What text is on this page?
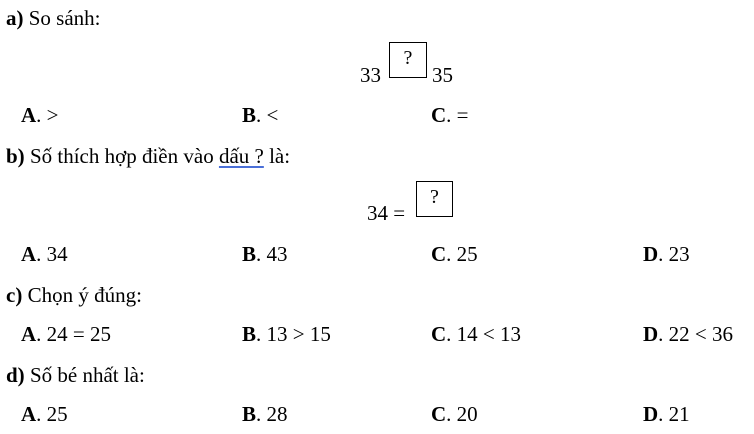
a) So sánh:
33
?
35
A. >	B. <	C. =
b) Số thích hợp điền vào dấu ? là:
34 =
?
A. 34	B. 43	C. 25	D. 23
c) Chọn ý đúng:
A. 24 = 25	B. 13 > 15	C. 14 < 13	D. 22 < 36
d) Số bé nhất là:
A. 25	B. 28	C. 20	D. 21
